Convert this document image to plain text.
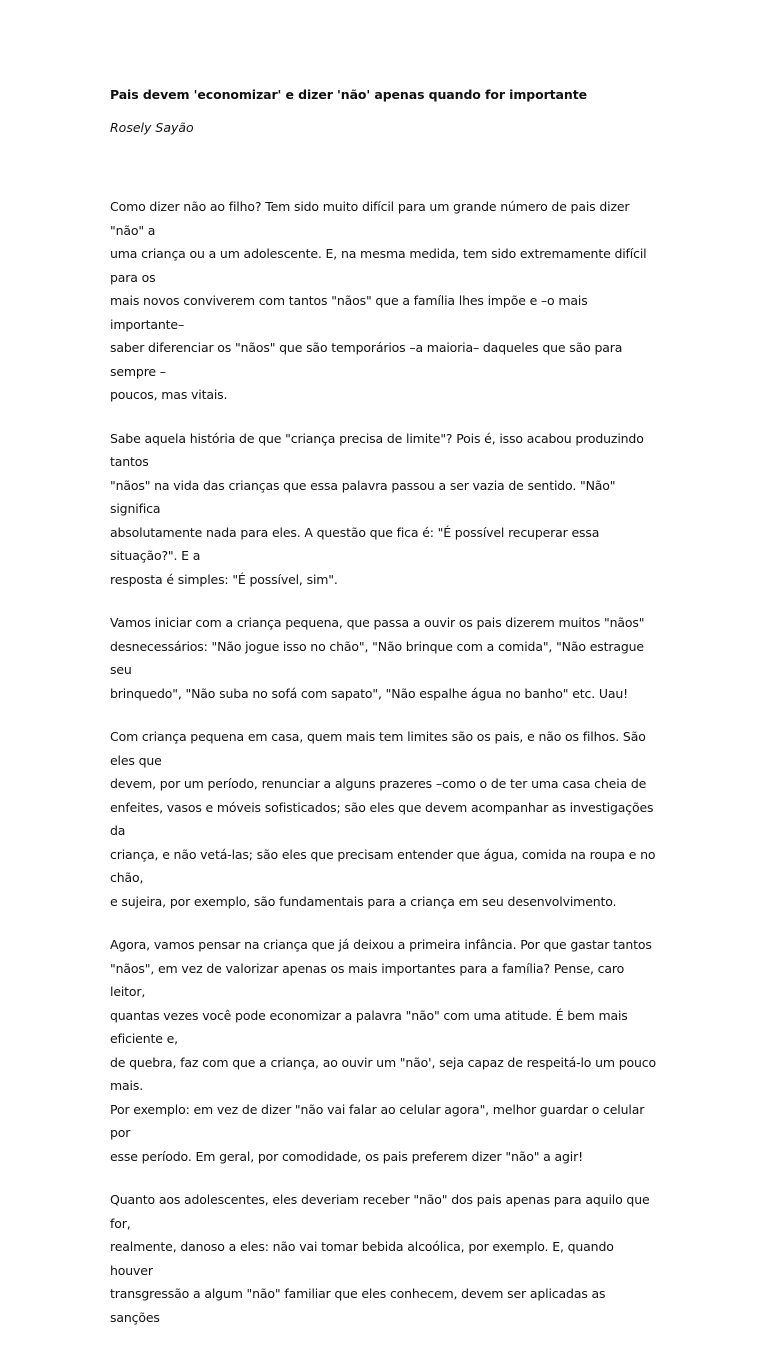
Pais devem 'economizar' e dizer 'não' apenas quando for importante

Rosely Sayão

Como dizer não ao filho? Tem sido muito difícil para um grande número de pais dizer "não" a
uma criança ou a um adolescente. E, na mesma medida, tem sido extremamente difícil para os
mais novos conviverem com tantos "nãos" que a família lhes impõe e –o mais importante–
saber diferenciar os "nãos" que são temporários –a maioria– daqueles que são para sempre –
poucos, mas vitais.

Sabe aquela história de que "criança precisa de limite"? Pois é, isso acabou produzindo tantos
"nãos" na vida das crianças que essa palavra passou a ser vazia de sentido. "Não" significa
absolutamente nada para eles. A questão que fica é: "É possível recuperar essa situação?". E a
resposta é simples: "É possível, sim".

Vamos iniciar com a criança pequena, que passa a ouvir os pais dizerem muitos "nãos"
desnecessários: "Não jogue isso no chão", "Não brinque com a comida", "Não estrague seu
brinquedo", "Não suba no sofá com sapato", "Não espalhe água no banho" etc. Uau!

Com criança pequena em casa, quem mais tem limites são os pais, e não os filhos. São eles que
devem, por um período, renunciar a alguns prazeres –como o de ter uma casa cheia de
enfeites, vasos e móveis sofisticados; são eles que devem acompanhar as investigações da
criança, e não vetá-las; são eles que precisam entender que água, comida na roupa e no chão,
e sujeira, por exemplo, são fundamentais para a criança em seu desenvolvimento.

Agora, vamos pensar na criança que já deixou a primeira infância. Por que gastar tantos
"nãos", em vez de valorizar apenas os mais importantes para a família? Pense, caro leitor,
quantas vezes você pode economizar a palavra "não" com uma atitude. É bem mais eficiente e,
de quebra, faz com que a criança, ao ouvir um "não', seja capaz de respeitá-lo um pouco mais.
Por exemplo: em vez de dizer "não vai falar ao celular agora", melhor guardar o celular por
esse período. Em geral, por comodidade, os pais preferem dizer "não" a agir!

Quanto aos adolescentes, eles deveriam receber "não" dos pais apenas para aquilo que for,
realmente, danoso a eles: não vai tomar bebida alcoólica, por exemplo. E, quando houver
transgressão a algum "não" familiar que eles conhecem, devem ser aplicadas as sanções
